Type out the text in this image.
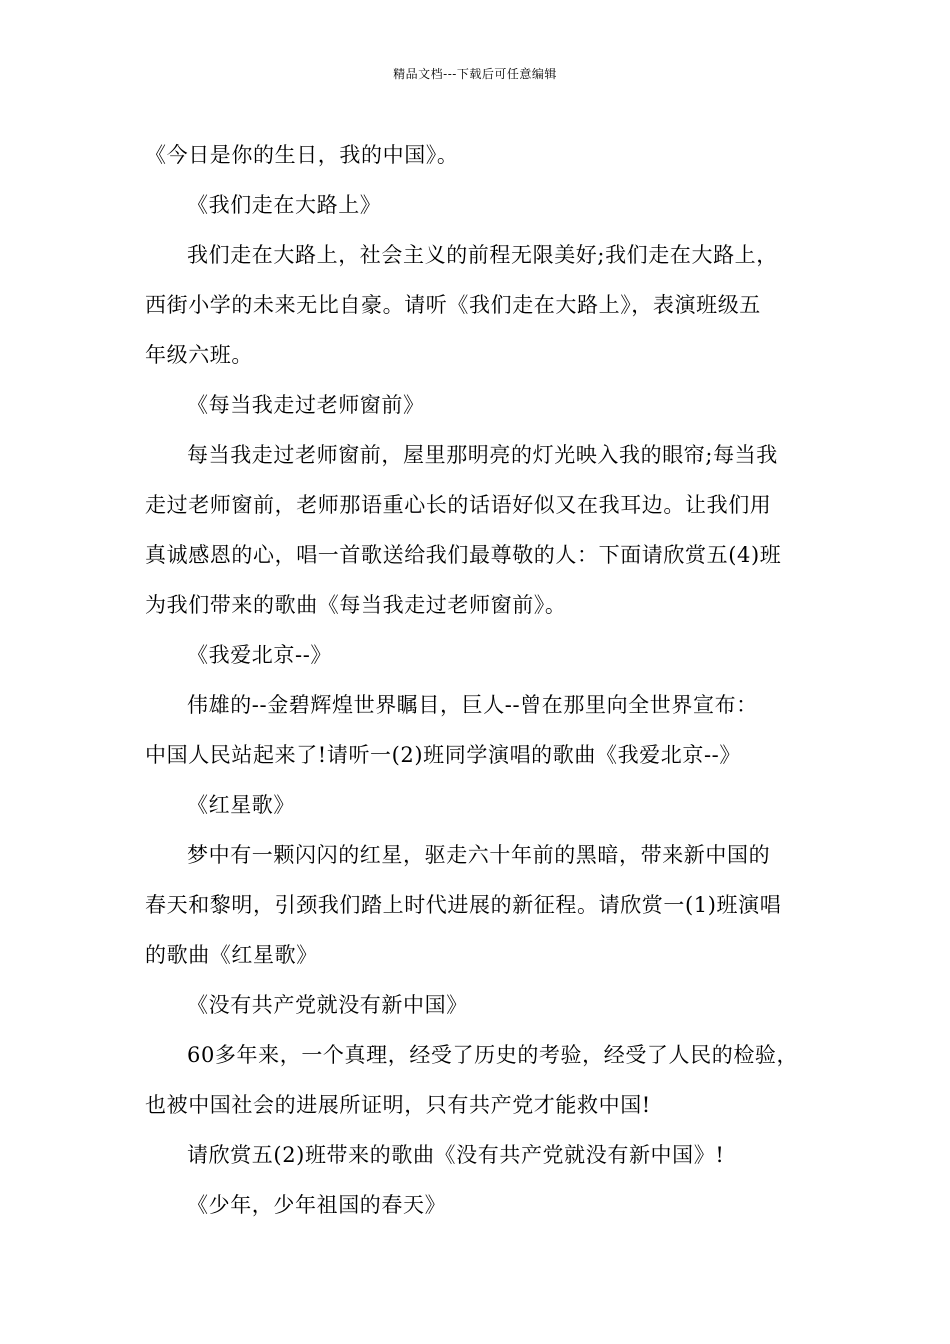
精品文档---下载后可任意编辑
《今日是你的生日，我的中国》。
《我们走在大路上》
我们走在大路上，社会主义的前程无限美好;我们走在大路上，
西街小学的未来无比自豪。请听《我们走在大路上》，表演班级五
年级六班。
《每当我走过老师窗前》
每当我走过老师窗前，屋里那明亮的灯光映入我的眼帘;每当我
走过老师窗前，老师那语重心长的话语好似又在我耳边。让我们用
真诚感恩的心，唱一首歌送给我们最尊敬的人：下面请欣赏五(4)班
为我们带来的歌曲《每当我走过老师窗前》。
《我爱北京--》
伟雄的--金碧辉煌世界瞩目，巨人--曾在那里向全世界宣布：
中国人民站起来了!请听一(2)班同学演唱的歌曲《我爱北京--》
《红星歌》
梦中有一颗闪闪的红星，驱走六十年前的黑暗，带来新中国的
春天和黎明，引颈我们踏上时代进展的新征程。请欣赏一(1)班演唱
的歌曲《红星歌》
《没有共产党就没有新中国》
60多年来，一个真理，经受了历史的考验，经受了人民的检验，
也被中国社会的进展所证明，只有共产党才能救中国!
请欣赏五(2)班带来的歌曲《没有共产党就没有新中国》!
《少年，少年祖国的春天》
